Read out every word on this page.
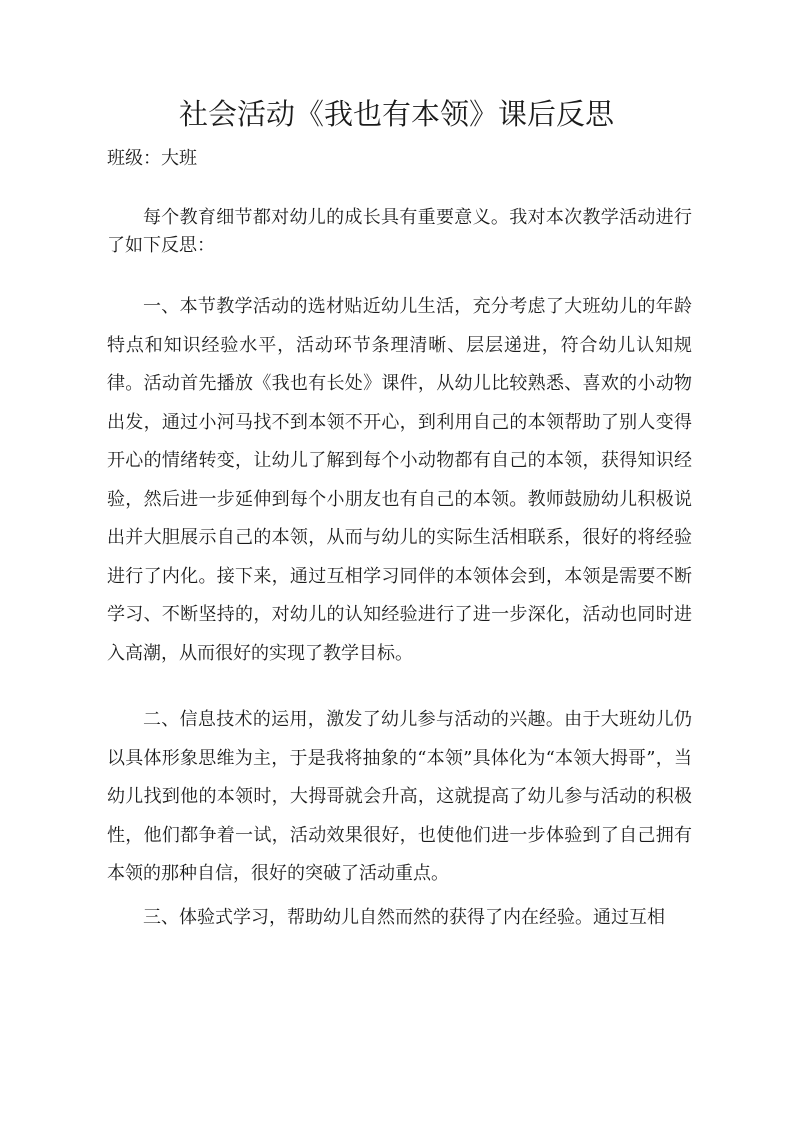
社会活动《我也有本领》课后反思
班级：大班

每个教育细节都对幼儿的成长具有重要意义。我对本次教学活动进行了如下反思：

一、本节教学活动的选材贴近幼儿生活，充分考虑了大班幼儿的年龄特点和知识经验水平，活动环节条理清晰、层层递进，符合幼儿认知规律。活动首先播放《我也有长处》课件，从幼儿比较熟悉、喜欢的小动物出发，通过小河马找不到本领不开心，到利用自己的本领帮助了别人变得开心的情绪转变，让幼儿了解到每个小动物都有自己的本领，获得知识经验，然后进一步延伸到每个小朋友也有自己的本领。教师鼓励幼儿积极说出并大胆展示自己的本领，从而与幼儿的实际生活相联系，很好的将经验进行了内化。接下来，通过互相学习同伴的本领体会到，本领是需要不断学习、不断坚持的，对幼儿的认知经验进行了进一步深化，活动也同时进入高潮，从而很好的实现了教学目标。

二、信息技术的运用，激发了幼儿参与活动的兴趣。由于大班幼儿仍以具体形象思维为主，于是我将抽象的“本领”具体化为“本领大拇哥”，当幼儿找到他的本领时，大拇哥就会升高，这就提高了幼儿参与活动的积极性，他们都争着一试，活动效果很好，也使他们进一步体验到了自己拥有本领的那种自信，很好的突破了活动重点。

三、体验式学习，帮助幼儿自然而然的获得了内在经验。通过互相
